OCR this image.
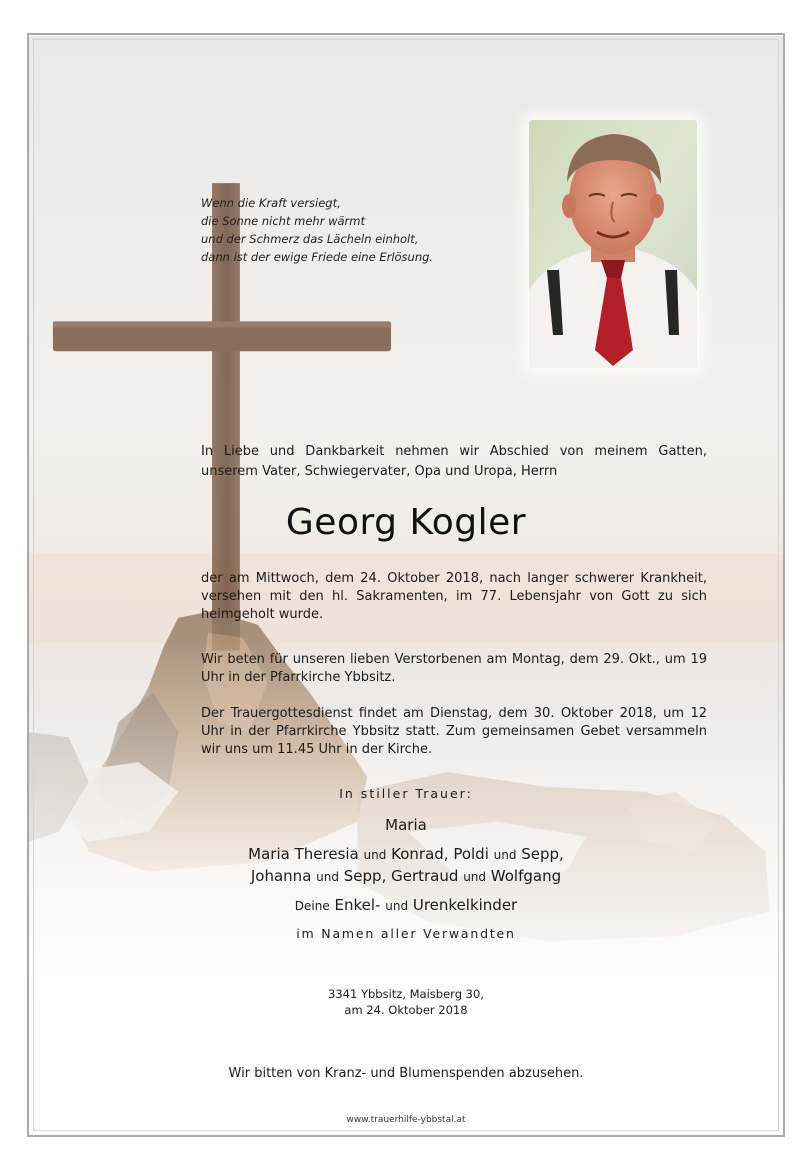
Wenn die Kraft versiegt,
die Sonne nicht mehr wärmt
und der Schmerz das Lächeln einholt,
dann ist der ewige Friede eine Erlösung.
In Liebe und Dankbarkeit nehmen wir Abschied von meinem Gatten, unserem Vater, Schwiegervater, Opa und Uropa, Herrn
Georg Kogler
der am Mittwoch, dem 24. Oktober 2018, nach langer schwerer Krankheit, versehen mit den hl. Sakramenten, im 77. Lebensjahr von Gott zu sich heimgeholt wurde.
Wir beten für unseren lieben Verstorbenen am Montag, dem 29. Okt., um 19 Uhr in der Pfarrkirche Ybbsitz.
Der Trauergottesdienst findet am Dienstag, dem 30. Oktober 2018, um 12 Uhr in der Pfarrkirche Ybbsitz statt. Zum gemeinsamen Gebet versammeln wir uns um 11.45 Uhr in der Kirche.
In stiller Trauer:
Maria
Maria Theresia und Konrad, Poldi und Sepp,
Johanna und Sepp, Gertraud und Wolfgang
Deine Enkel- und Urenkelkinder
im Namen aller Verwandten
3341 Ybbsitz, Maisberg 30,
am 24. Oktober 2018
Wir bitten von Kranz- und Blumenspenden abzusehen.
www.trauerhilfe-ybbstal.at
